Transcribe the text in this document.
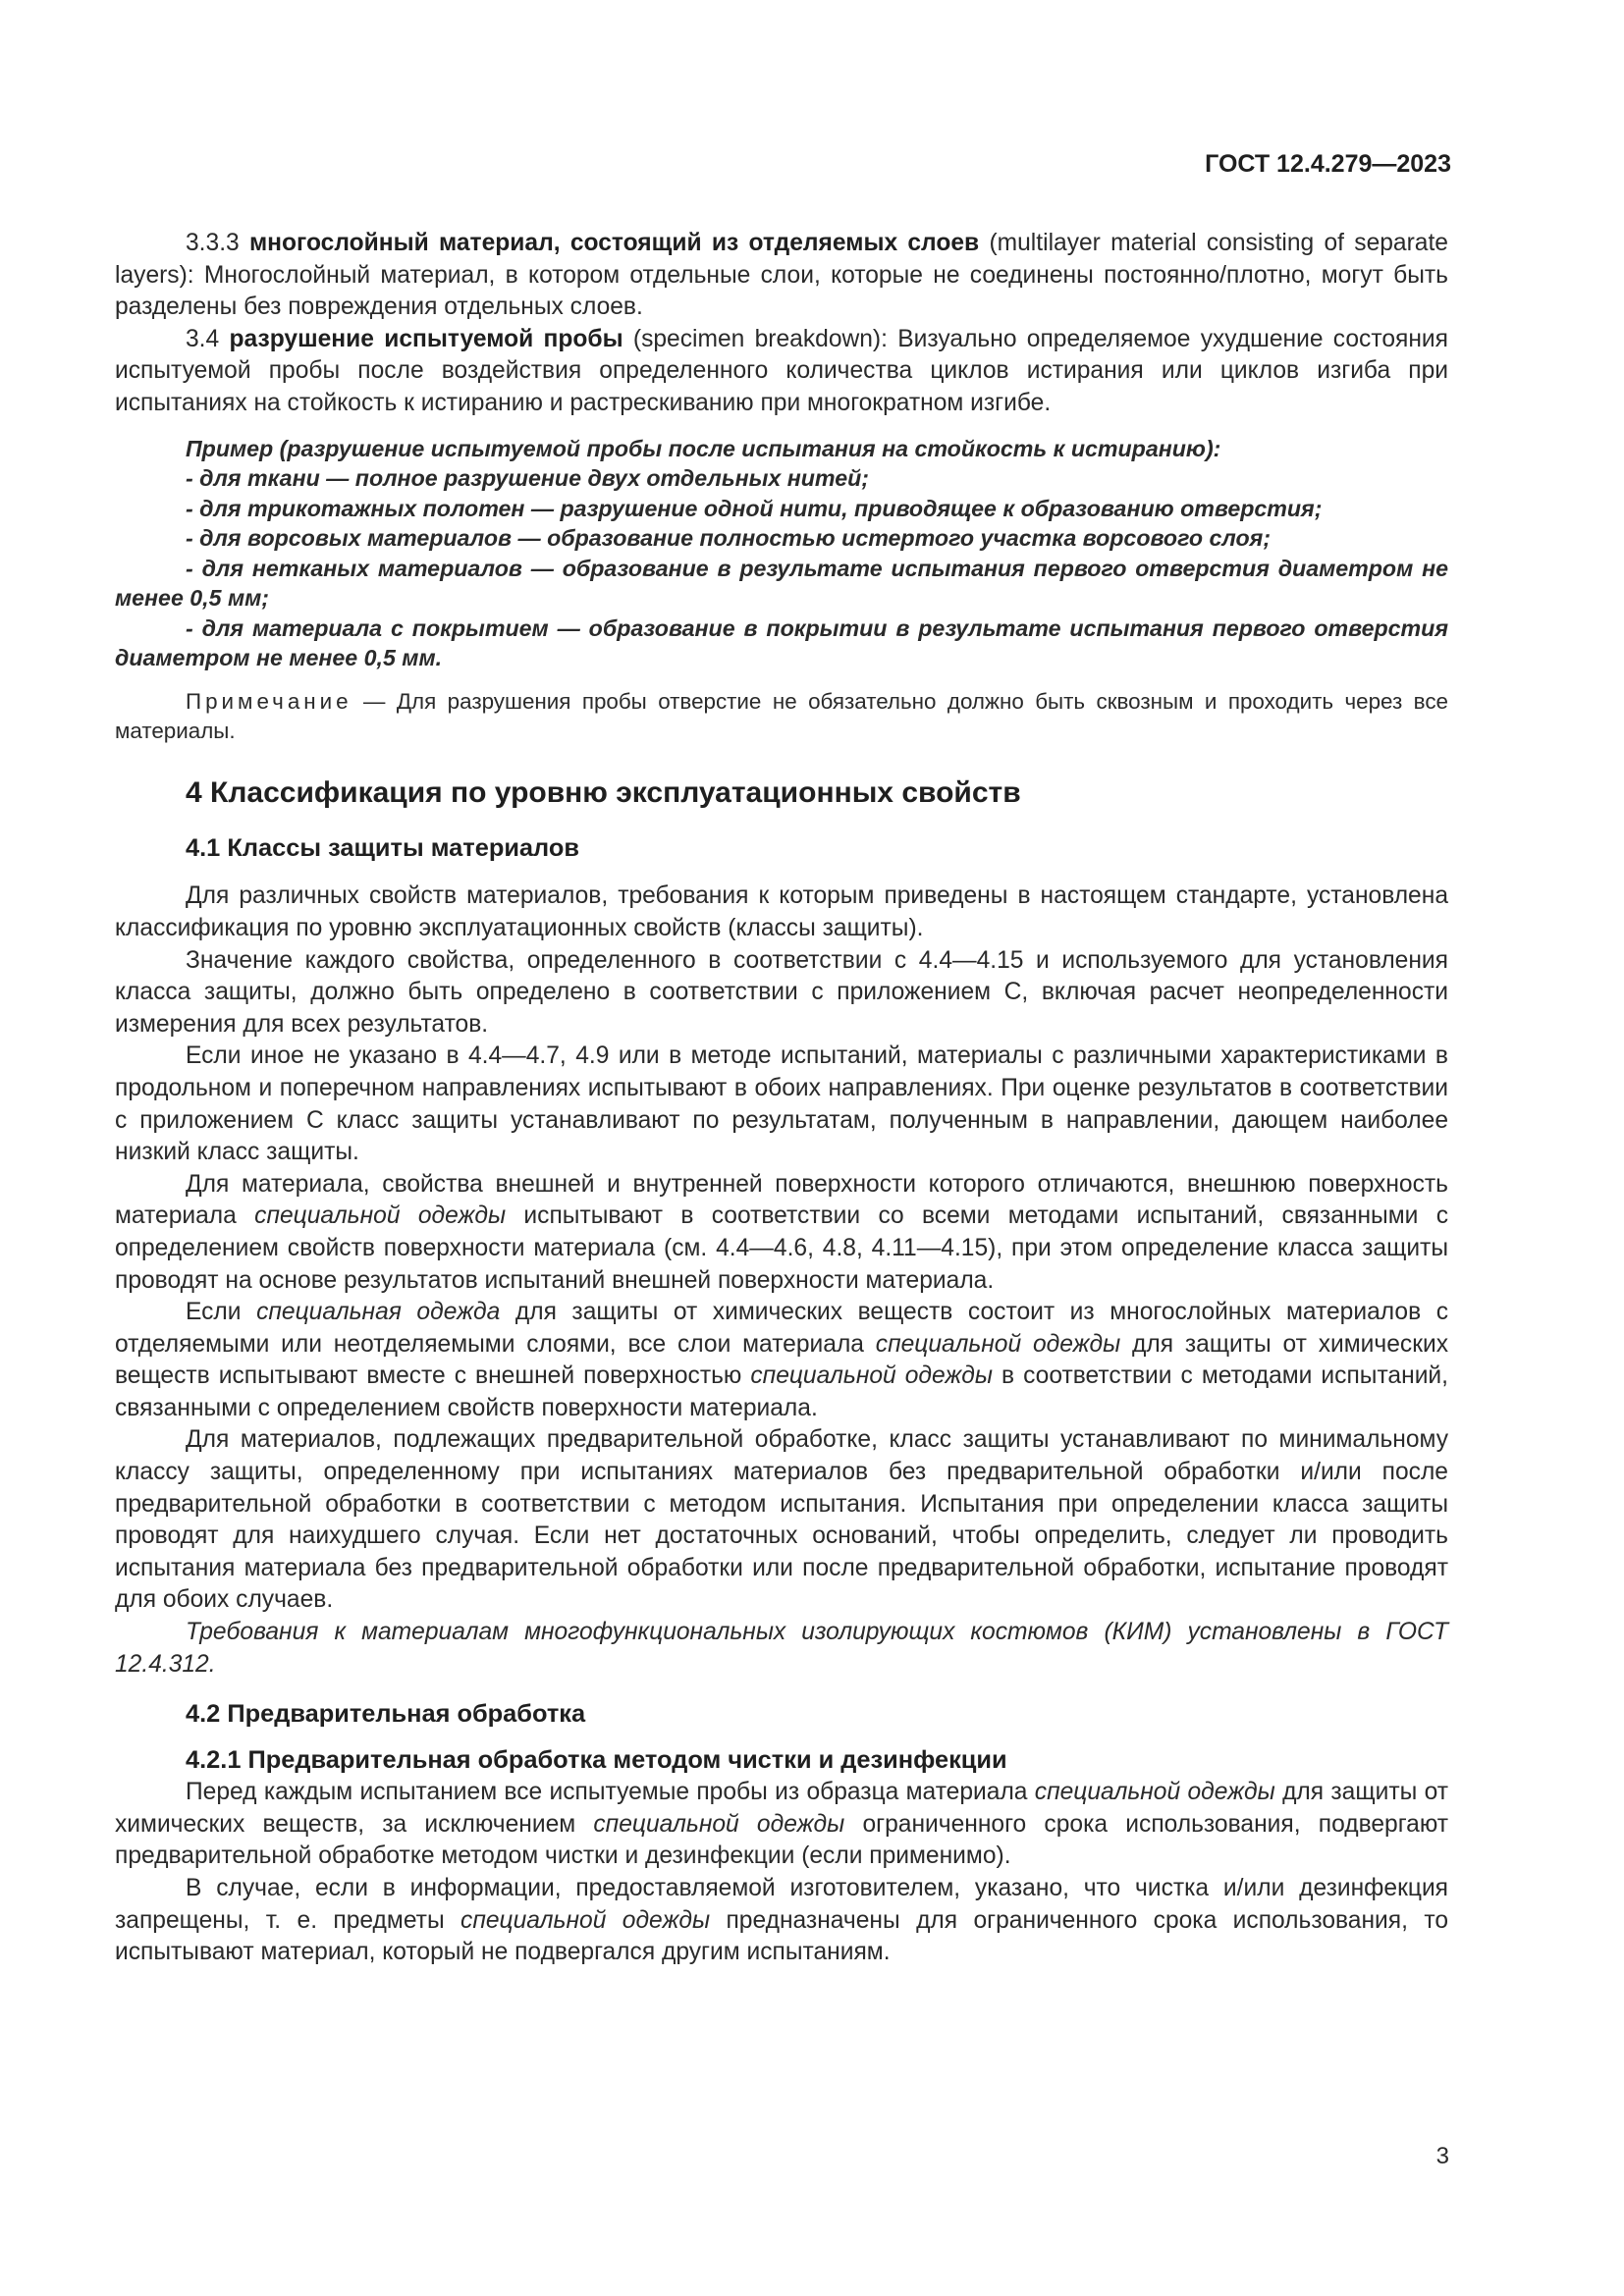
ГОСТ 12.4.279—2023

3.3.3 многослойный материал, состоящий из отделяемых слоев (multilayer material consisting of separate layers): Многослойный материал, в котором отдельные слои, которые не соединены постоянно/плотно, могут быть разделены без повреждения отдельных слоев.

3.4 разрушение испытуемой пробы (specimen breakdown): Визуально определяемое ухудшение состояния испытуемой пробы после воздействия определенного количества циклов истирания или циклов изгиба при испытаниях на стойкость к истиранию и растрескиванию при многократном изгибе.

Пример (разрушение испытуемой пробы после испытания на стойкость к истиранию):

- для ткани — полное разрушение двух отдельных нитей;

- для трикотажных полотен — разрушение одной нити, приводящее к образованию отверстия;

- для ворсовых материалов — образование полностью истертого участка ворсового слоя;

- для нетканых материалов — образование в результате испытания первого отверстия диаметром не менее 0,5 мм;

- для материала с покрытием — образование в покрытии в результате испытания первого отверстия диаметром не менее 0,5 мм.

Примечание — Для разрушения пробы отверстие не обязательно должно быть сквозным и проходить через все материалы.

4 Классификация по уровню эксплуатационных свойств

4.1 Классы защиты материалов

Для различных свойств материалов, требования к которым приведены в настоящем стандарте, установлена классификация по уровню эксплуатационных свойств (классы защиты).

Значение каждого свойства, определенного в соответствии с 4.4—4.15 и используемого для установления класса защиты, должно быть определено в соответствии с приложением С, включая расчет неопределенности измерения для всех результатов.

Если иное не указано в 4.4—4.7, 4.9 или в методе испытаний, материалы с различными характеристиками в продольном и поперечном направлениях испытывают в обоих направлениях. При оценке результатов в соответствии с приложением С класс защиты устанавливают по результатам, полученным в направлении, дающем наиболее низкий класс защиты.

Для материала, свойства внешней и внутренней поверхности которого отличаются, внешнюю поверхность материала специальной одежды испытывают в соответствии со всеми методами испытаний, связанными с определением свойств поверхности материала (см. 4.4—4.6, 4.8, 4.11—4.15), при этом определение класса защиты проводят на основе результатов испытаний внешней поверхности материала.

Если специальная одежда для защиты от химических веществ состоит из многослойных материалов с отделяемыми или неотделяемыми слоями, все слои материала специальной одежды для защиты от химических веществ испытывают вместе с внешней поверхностью специальной одежды в соответствии с методами испытаний, связанными с определением свойств поверхности материала.

Для материалов, подлежащих предварительной обработке, класс защиты устанавливают по минимальному классу защиты, определенному при испытаниях материалов без предварительной обработки и/или после предварительной обработки в соответствии с методом испытания. Испытания при определении класса защиты проводят для наихудшего случая. Если нет достаточных оснований, чтобы определить, следует ли проводить испытания материала без предварительной обработки или после предварительной обработки, испытание проводят для обоих случаев.

Требования к материалам многофункциональных изолирующих костюмов (КИМ) установлены в ГОСТ 12.4.312.

4.2 Предварительная обработка

4.2.1 Предварительная обработка методом чистки и дезинфекции

Перед каждым испытанием все испытуемые пробы из образца материала специальной одежды для защиты от химических веществ, за исключением специальной одежды ограниченного срока использования, подвергают предварительной обработке методом чистки и дезинфекции (если применимо).

В случае, если в информации, предоставляемой изготовителем, указано, что чистка и/или дезинфекция запрещены, т. е. предметы специальной одежды предназначены для ограниченного срока использования, то испытывают материал, который не подвергался другим испытаниям.

3
